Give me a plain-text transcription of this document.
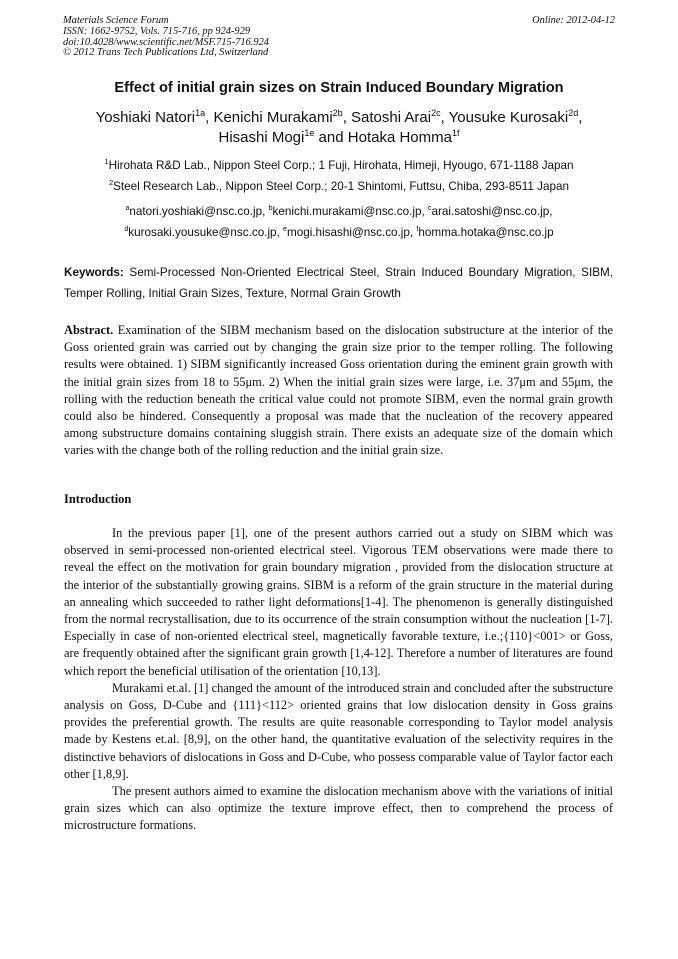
Materials Science Forum
ISSN: 1662-9752, Vols. 715-716, pp 924-929
doi:10.4028/www.scientific.net/MSF.715-716.924
© 2012 Trans Tech Publications Ltd, Switzerland
Online: 2012-04-12
Effect of initial grain sizes on Strain Induced Boundary Migration
Yoshiaki Natori$^{1a}$, Kenichi Murakami$^{2b}$, Satoshi Arai$^{2c}$, Yousuke Kurosaki$^{2d}$,
Hisashi Mogi$^{1e}$ and Hotaka Homma$^{1f}$
$^1$Hirohata R&D Lab., Nippon Steel Corp.; 1 Fuji, Hirohata, Himeji, Hyougo, 671-1188 Japan
$^2$Steel Research Lab., Nippon Steel Corp.; 20-1 Shintomi, Futtsu, Chiba, 293-8511 Japan
$^a$natori.yoshiaki@nsc.co.jp, $^b$kenichi.murakami@nsc.co.jp, $^c$arai.satoshi@nsc.co.jp,
$^d$kurosaki.yousuke@nsc.co.jp, $^e$mogi.hisashi@nsc.co.jp, $^f$homma.hotaka@nsc.co.jp
Keywords: Semi-Processed Non-Oriented Electrical Steel, Strain Induced Boundary Migration, SIBM, Temper Rolling, Initial Grain Sizes, Texture, Normal Grain Growth
Abstract. Examination of the SIBM mechanism based on the dislocation substructure at the interior of the Goss oriented grain was carried out by changing the grain size prior to the temper rolling. The following results were obtained. 1) SIBM significantly increased Goss orientation during the eminent grain growth with the initial grain sizes from 18 to 55μm. 2) When the initial grain sizes were large, i.e. 37μm and 55μm, the rolling with the reduction beneath the critical value could not promote SIBM, even the normal grain growth could also be hindered. Consequently a proposal was made that the nucleation of the recovery appeared among substructure domains containing sluggish strain. There exists an adequate size of the domain which varies with the change both of the rolling reduction and the initial grain size.
Introduction

In the previous paper [1], one of the present authors carried out a study on SIBM which was observed in semi-processed non-oriented electrical steel. Vigorous TEM observations were made there to reveal the effect on the motivation for grain boundary migration , provided from the dislocation structure at the interior of the substantially growing grains. SIBM is a reform of the grain structure in the material during an annealing which succeeded to rather light deformations[1-4]. The phenomenon is generally distinguished from the normal recrystallisation, due to its occurrence of the strain consumption without the nucleation [1-7]. Especially in case of non-oriented electrical steel, magnetically favorable texture, i.e.;{110}<001> or Goss, are frequently obtained after the significant grain growth [1,4-12]. Therefore a number of literatures are found which report the beneficial utilisation of the orientation [10,13].

Murakami et.al. [1] changed the amount of the introduced strain and concluded after the substructure analysis on Goss, D-Cube and {111}<112> oriented grains that low dislocation density in Goss grains provides the preferential growth. The results are quite reasonable corresponding to Taylor model analysis made by Kestens et.al. [8,9], on the other hand, the quantitative evaluation of the selectivity requires in the distinctive behaviors of dislocations in Goss and D-Cube, who possess comparable value of Taylor factor each other [1,8,9].

The present authors aimed to examine the dislocation mechanism above with the variations of initial grain sizes which can also optimize the texture improve effect, then to comprehend the process of microstructure formations.
